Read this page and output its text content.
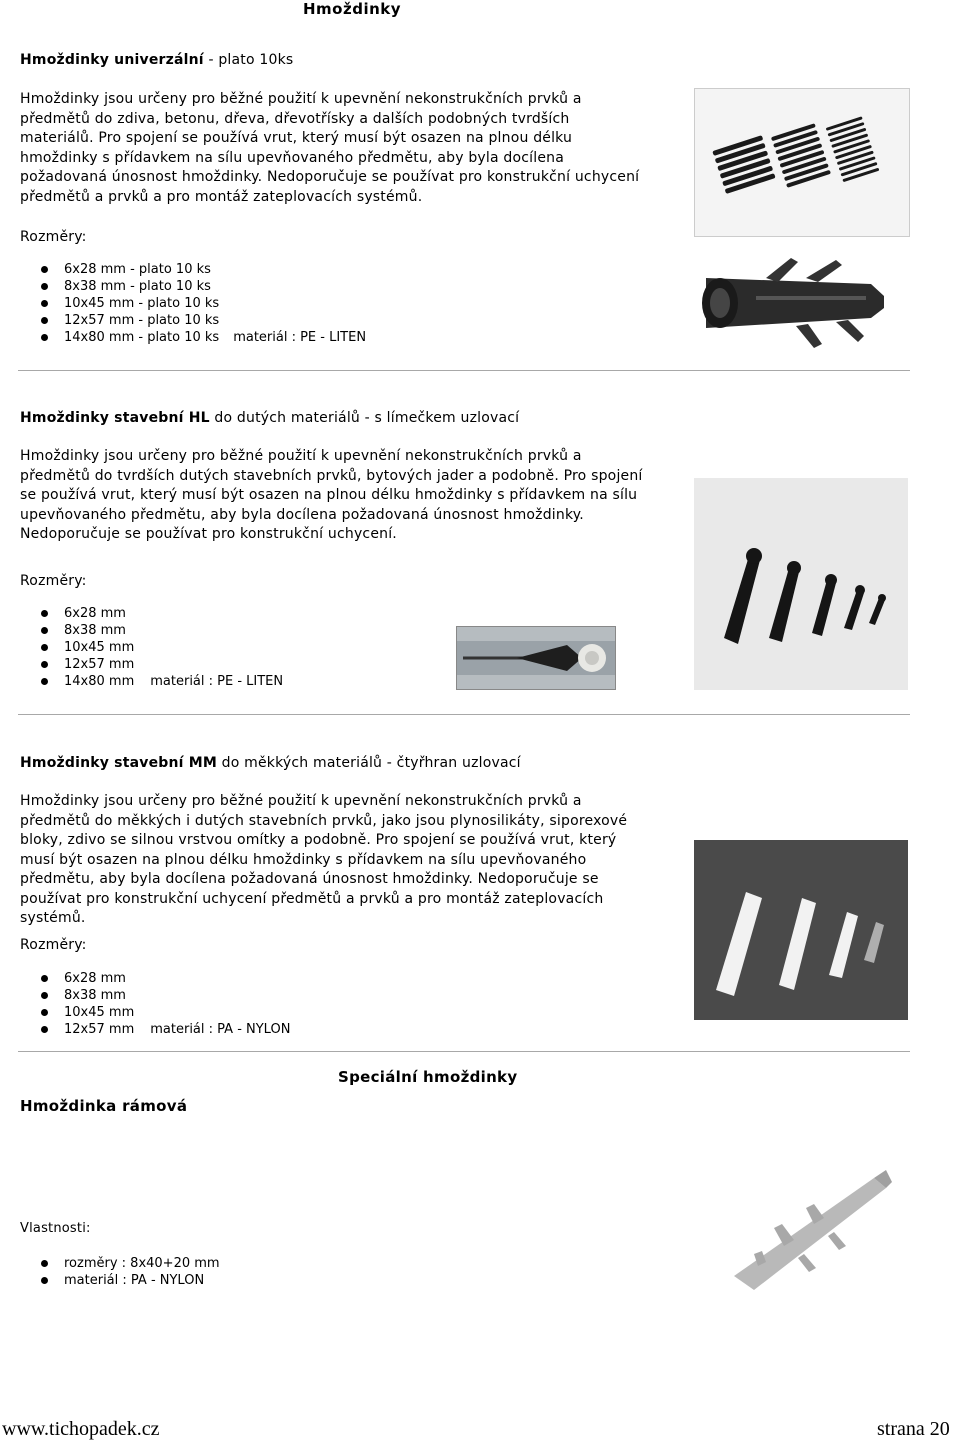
Hmoždinky
Hmoždinky univerzální - plato 10ks
Hmoždinky jsou určeny pro běžné použití k upevnění nekonstrukčních prvků a předmětů do zdiva, betonu, dřeva, dřevotřísky a dalších podobných tvrdších materiálů. Pro spojení se používá vrut, který musí být osazen na plnou délku hmoždinky s přídavkem na sílu upevňovaného předmětu, aby byla docílena požadovaná únosnost hmoždinky. Nedoporučuje se používat pro konstrukční uchycení předmětů a prvků a pro montáž zateplovacích systémů.
Rozměry:
6x28 mm - plato 10 ks
8x38 mm - plato 10 ks
10x45 mm - plato 10 ks
12x57 mm - plato 10 ks
14x80 mm - plato 10 ks materiál : PE - LITEN
Hmoždinky stavební HL do dutých materiálů - s límečkem uzlovací
Hmoždinky jsou určeny pro běžné použití k upevnění nekonstrukčních prvků a předmětů do tvrdších dutých stavebních prvků, bytových jader a podobně. Pro spojení se používá vrut, který musí být osazen na plnou délku hmoždinky s přídavkem na sílu upevňovaného předmětu, aby byla docílena požadovaná únosnost hmoždinky. Nedoporučuje se používat pro konstrukční uchycení.
Rozměry:
6x28 mm
8x38 mm
10x45 mm
12x57 mm
14x80 mm materiál : PE - LITEN
Hmoždinky stavební MM do měkkých materiálů - čtyřhran uzlovací
Hmoždinky jsou určeny pro běžné použití k upevnění nekonstrukčních prvků a předmětů do měkkých i dutých stavebních prvků, jako jsou plynosilikáty, siporexové bloky, zdivo se silnou vrstvou omítky a podobně. Pro spojení se používá vrut, který musí být osazen na plnou délku hmoždinky s přídavkem na sílu upevňovaného předmětu, aby byla docílena požadovaná únosnost hmoždinky. Nedoporučuje se používat pro konstrukční uchycení předmětů a prvků a pro montáž zateplovacích systémů.
Rozměry:
6x28 mm
8x38 mm
10x45 mm
12x57 mm materiál : PA - NYLON
Speciální hmoždinky
Hmoždinka rámová
Vlastnosti:
rozměry : 8x40+20 mm
materiál : PA - NYLON
www.tichopadek.cz	strana 20
